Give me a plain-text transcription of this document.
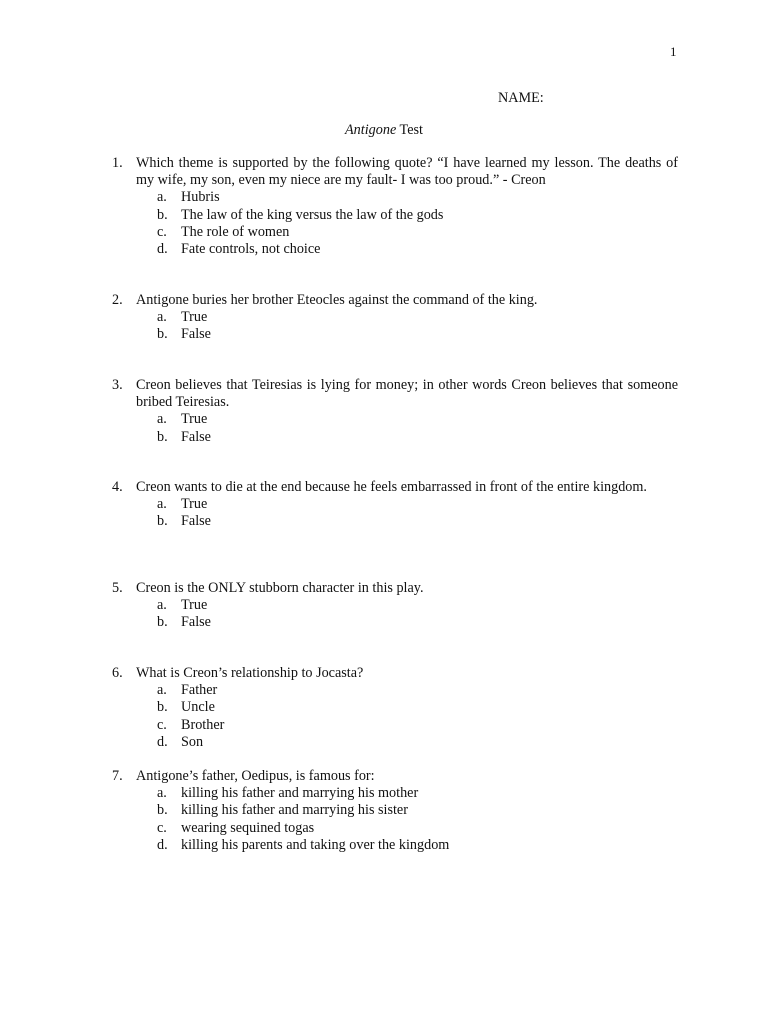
1
NAME:
Antigone Test
1. Which theme is supported by the following quote? “I have learned my lesson. The deaths of my wife, my son, even my niece are my fault- I was too proud.” - Creon
a. Hubris
b. The law of the king versus the law of the gods
c. The role of women
d. Fate controls, not choice
2. Antigone buries her brother Eteocles against the command of the king.
a. True
b. False
3. Creon believes that Teiresias is lying for money; in other words Creon believes that someone bribed Teiresias.
a. True
b. False
4. Creon wants to die at the end because he feels embarrassed in front of the entire kingdom.
a. True
b. False
5. Creon is the ONLY stubborn character in this play.
a. True
b. False
6. What is Creon’s relationship to Jocasta?
a. Father
b. Uncle
c. Brother
d. Son
7. Antigone’s father, Oedipus, is famous for:
a. killing his father and marrying his mother
b. killing his father and marrying his sister
c. wearing sequined togas
d. killing his parents and taking over the kingdom
